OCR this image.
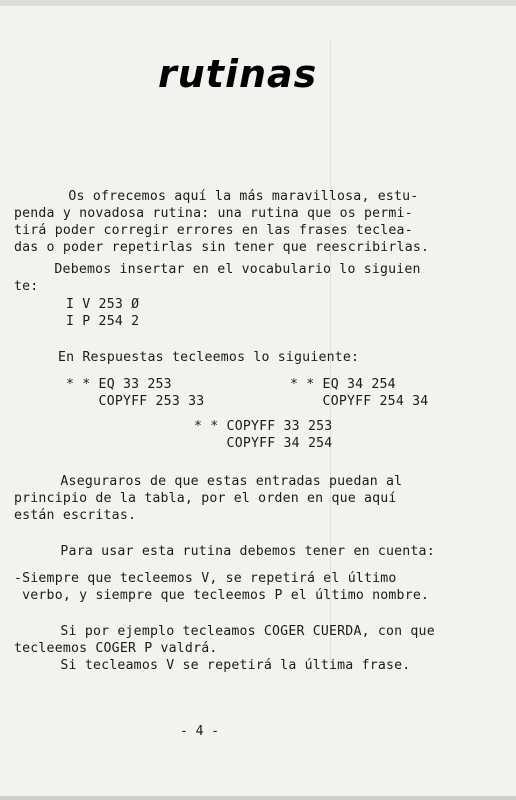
rutinas
Os ofrecemos aquí la más maravillosa, estu-
penda y novadosa rutina: una rutina que os permi-
tirá poder corregir errores en las frases teclea-
das o poder repetirlas sin tener que reescribirlas.
Debemos insertar en el vocabulario lo siguien
te:
I V 253 Ø
I P 254 2
En Respuestas tecleemos lo siguiente:
* * EQ 33 253
COPYFF 253 33
* * EQ 34 254
COPYFF 254 34
* * COPYFF 33 253
COPYFF 34 254
Aseguraros de que estas entradas puedan al
principio de la tabla, por el orden en que aquí
están escritas.
Para usar esta rutina debemos tener en cuenta:
-Siempre que tecleemos V, se repetirá el último
verbo, y siempre que tecleemos P el último nombre.
Si por ejemplo tecleamos COGER CUERDA, con que
tecleemos COGER P valdrá.
Si tecleamos V se repetirá la última frase.
- 4 -
